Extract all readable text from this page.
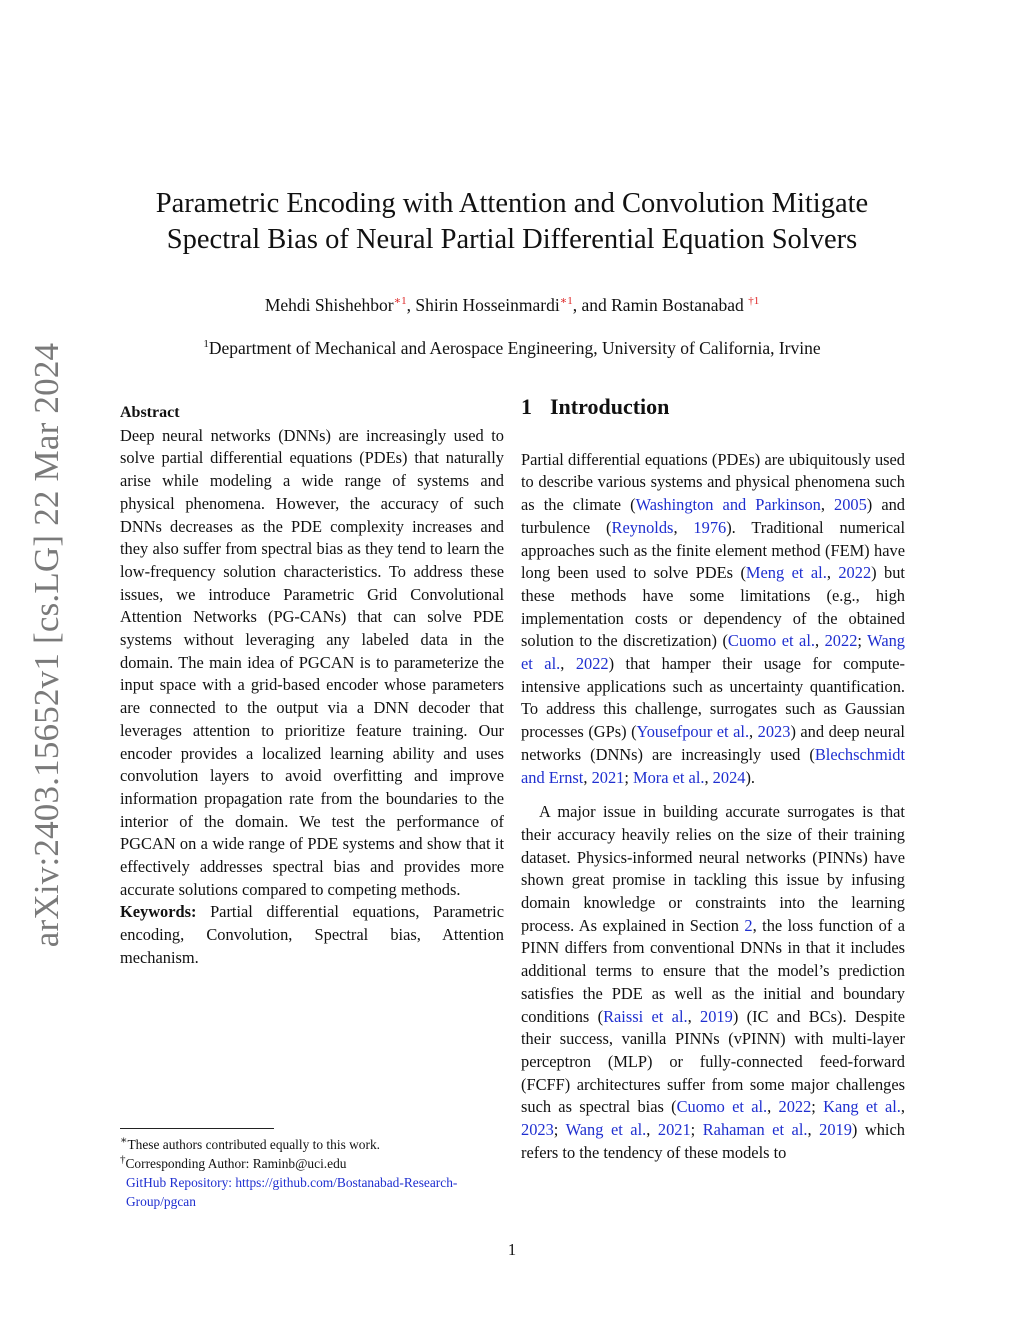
arXiv:2403.15652v1 [cs.LG] 22 Mar 2024
Parametric Encoding with Attention and Convolution Mitigate
Spectral Bias of Neural Partial Differential Equation Solvers
Mehdi Shishehbor$^{∗1}$, Shirin Hosseinmardi$^{∗1}$, and Ramin Bostanabad $^{\dagger 1}$
$^1$Department of Mechanical and Aerospace Engineering, University of California, Irvine
Abstract

Deep neural networks (DNNs) are increasingly used to solve partial differential equations (PDEs) that naturally arise while modeling a wide range of systems and physical phenomena. However, the accuracy of such DNNs decreases as the PDE complexity increases and they also suffer from spectral bias as they tend to learn the low-frequency solution characteristics. To address these issues, we introduce Parametric Grid Convolutional Attention Networks (PG-CANs) that can solve PDE systems without leveraging any labeled data in the domain. The main idea of PGCAN is to parameterize the input space with a grid-based encoder whose parameters are connected to the output via a DNN decoder that leverages attention to prioritize feature training. Our encoder provides a localized learning ability and uses convolution layers to avoid overfitting and improve information propagation rate from the boundaries to the interior of the domain. We test the performance of PGCAN on a wide range of PDE systems and show that it effectively addresses spectral bias and provides more accurate solutions compared to competing methods.

Keywords: Partial differential equations, Parametric encoding, Convolution, Spectral bias, Attention mechanism.

∗These authors contributed equally to this work.

†Corresponding Author: Raminb@uci.edu

GitHub Repository: https://github.com/Bostanabad-Research-Group/pgcan

1 Introduction

Partial differential equations (PDEs) are ubiquitously used to describe various systems and physical phenomena such as the climate (Washington and Parkinson, 2005) and turbulence (Reynolds, 1976). Traditional numerical approaches such as the finite element method (FEM) have long been used to solve PDEs (Meng et al., 2022) but these methods have some limitations (e.g., high implementation costs or dependency of the obtained solution to the discretization) (Cuomo et al., 2022; Wang et al., 2022) that hamper their usage for compute-intensive applications such as uncertainty quantification. To address this challenge, surrogates such as Gaussian processes (GPs) (Yousefpour et al., 2023) and deep neural networks (DNNs) are increasingly used (Blechschmidt and Ernst, 2021; Mora et al., 2024).

A major issue in building accurate surrogates is that their accuracy heavily relies on the size of their training dataset. Physics-informed neural networks (PINNs) have shown great promise in tackling this issue by infusing domain knowledge or constraints into the learning process. As explained in Section 2, the loss function of a PINN differs from conventional DNNs in that it includes additional terms to ensure that the model’s prediction satisfies the PDE as well as the initial and boundary conditions (Raissi et al., 2019) (IC and BCs). Despite their success, vanilla PINNs (vPINN) with multi-layer perceptron (MLP) or fully-connected feed-forward (FCFF) architectures suffer from some major challenges such as spectral bias (Cuomo et al., 2022; Kang et al., 2023; Wang et al., 2021; Rahaman et al., 2019) which refers to the tendency of these models to

1
